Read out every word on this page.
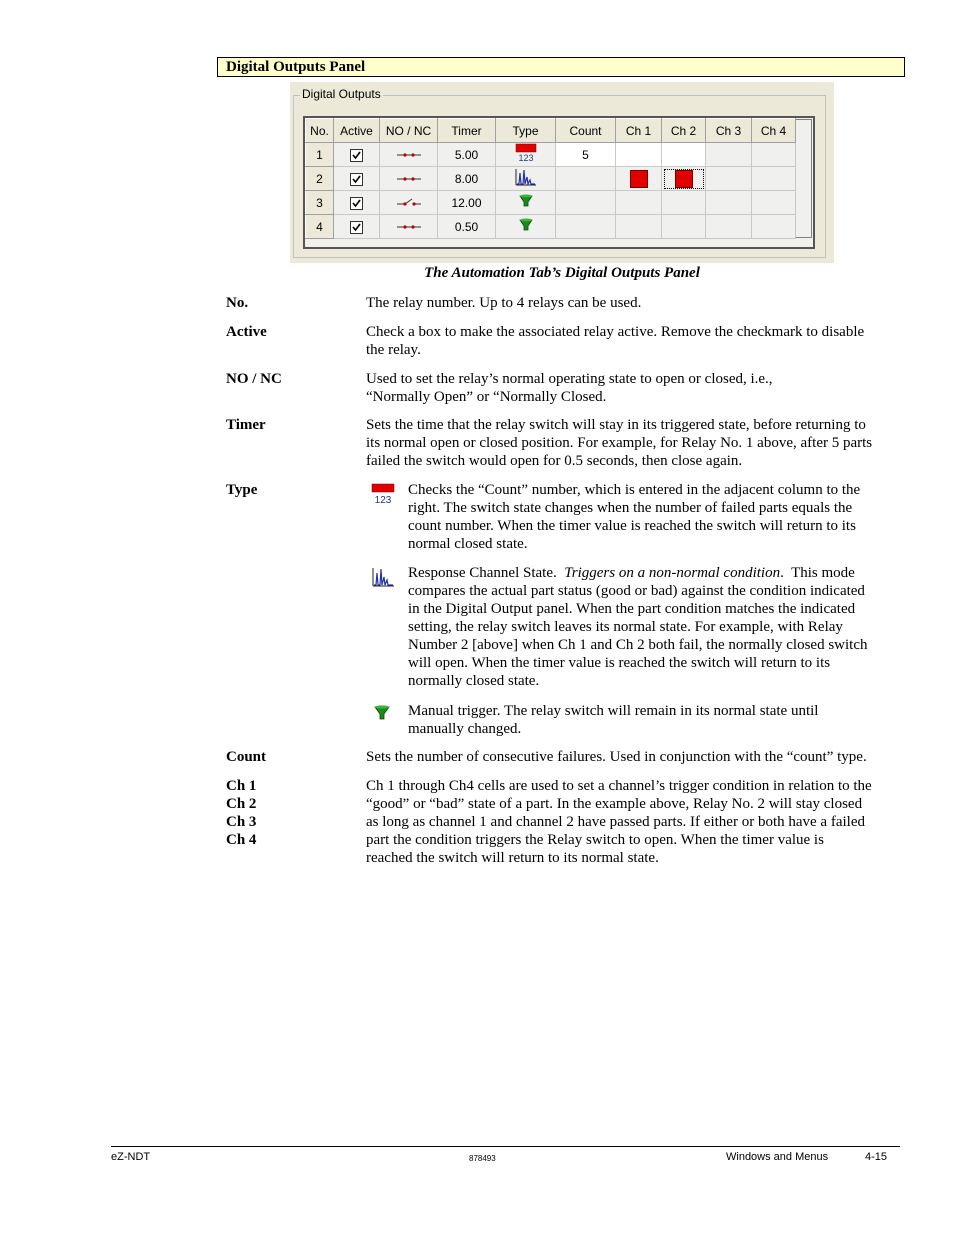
Digital Outputs Panel
Digital Outputs
No.	Active	NO / NC	Timer	Type	Count	Ch 1	Ch 2	Ch 3	Ch 4
1			5.00	123	5				
2			8.00						
3			12.00						
4			0.50						
The Automation Tab’s Digital Outputs Panel
No.	The relay number. Up to 4 relays can be used.
Active	Check a box to make the associated relay active. Remove the checkmark to disable
the relay.
NO / NC	Used to set the relay’s normal operating state to open or closed, i.e.,
“Normally Open” or “Normally Closed.
Timer	Sets the time that the relay switch will stay in its triggered state, before returning to
its normal open or closed position. For example, for Relay No. 1 above, after 5 parts
failed the switch would open for 0.5 seconds, then close again.
Type
123
Checks the “Count” number, which is entered in the adjacent column to the
right. The switch state changes when the number of failed parts equals the
count number. When the timer value is reached the switch will return to its
normal closed state.
Response Channel State.  Triggers on a non-normal condition.  This mode
compares the actual part status (good or bad) against the condition indicated
in the Digital Output panel. When the part condition matches the indicated
setting, the relay switch leaves its normal state. For example, with Relay
Number 2 [above] when Ch 1 and Ch 2 both fail, the normally closed switch
will open. When the timer value is reached the switch will return to its
normally closed state.
Manual trigger. The relay switch will remain in its normal state until
manually changed.
Count	Sets the number of consecutive failures. Used in conjunction with the “count” type.
Ch 1
Ch 2
Ch 3
Ch 4
Ch 1 through Ch4 cells are used to set a channel’s trigger condition in relation to the
“good” or “bad” state of a part. In the example above, Relay No. 2 will stay closed
as long as channel 1 and channel 2 have passed parts. If either or both have a failed
part the condition triggers the Relay switch to open. When the timer value is
reached the switch will return to its normal state.
eZ-NDT	878493	Windows and Menus	4-15
